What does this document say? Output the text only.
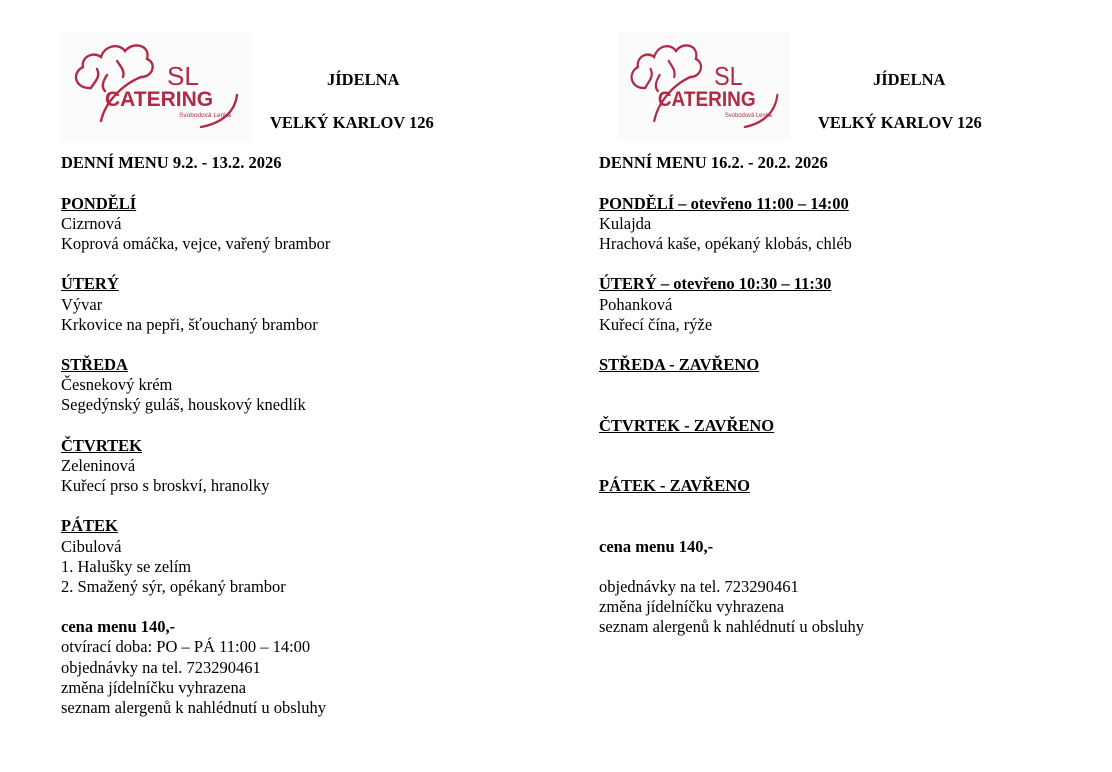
SL
CATERING
Svobodová Lenka
JÍDELNA
VELKÝ KARLOV 126
DENNÍ MENU 9.2. - 13.2. 2026
PONDĚLÍ
Cizrnová
Koprová omáčka, vejce, vařený brambor
ÚTERÝ
Vývar
Krkovice na pepři, šťouchaný brambor
STŘEDA
Česnekový krém
Segedýnský guláš, houskový knedlík
ČTVRTEK
Zeleninová
Kuřecí prso s broskví, hranolky
PÁTEK
Cibulová
1. Halušky se zelím
2. Smažený sýr, opékaný brambor
cena menu 140,-
otvírací doba: PO – PÁ 11:00 – 14:00
objednávky na tel. 723290461
změna jídelníčku vyhrazena
seznam alergenů k nahlédnutí u obsluhy
SL
CATERING
Svobodová Lenka
JÍDELNA
VELKÝ KARLOV 126
DENNÍ MENU 16.2. - 20.2. 2026
PONDĚLÍ – otevřeno 11:00 – 14:00
Kulajda
Hrachová kaše, opékaný klobás, chléb
ÚTERÝ – otevřeno 10:30 – 11:30
Pohanková
Kuřecí čína, rýže
STŘEDA - ZAVŘENO
ČTVRTEK - ZAVŘENO
PÁTEK - ZAVŘENO
cena menu 140,-
objednávky na tel. 723290461
změna jídelníčku vyhrazena
seznam alergenů k nahlédnutí u obsluhy
